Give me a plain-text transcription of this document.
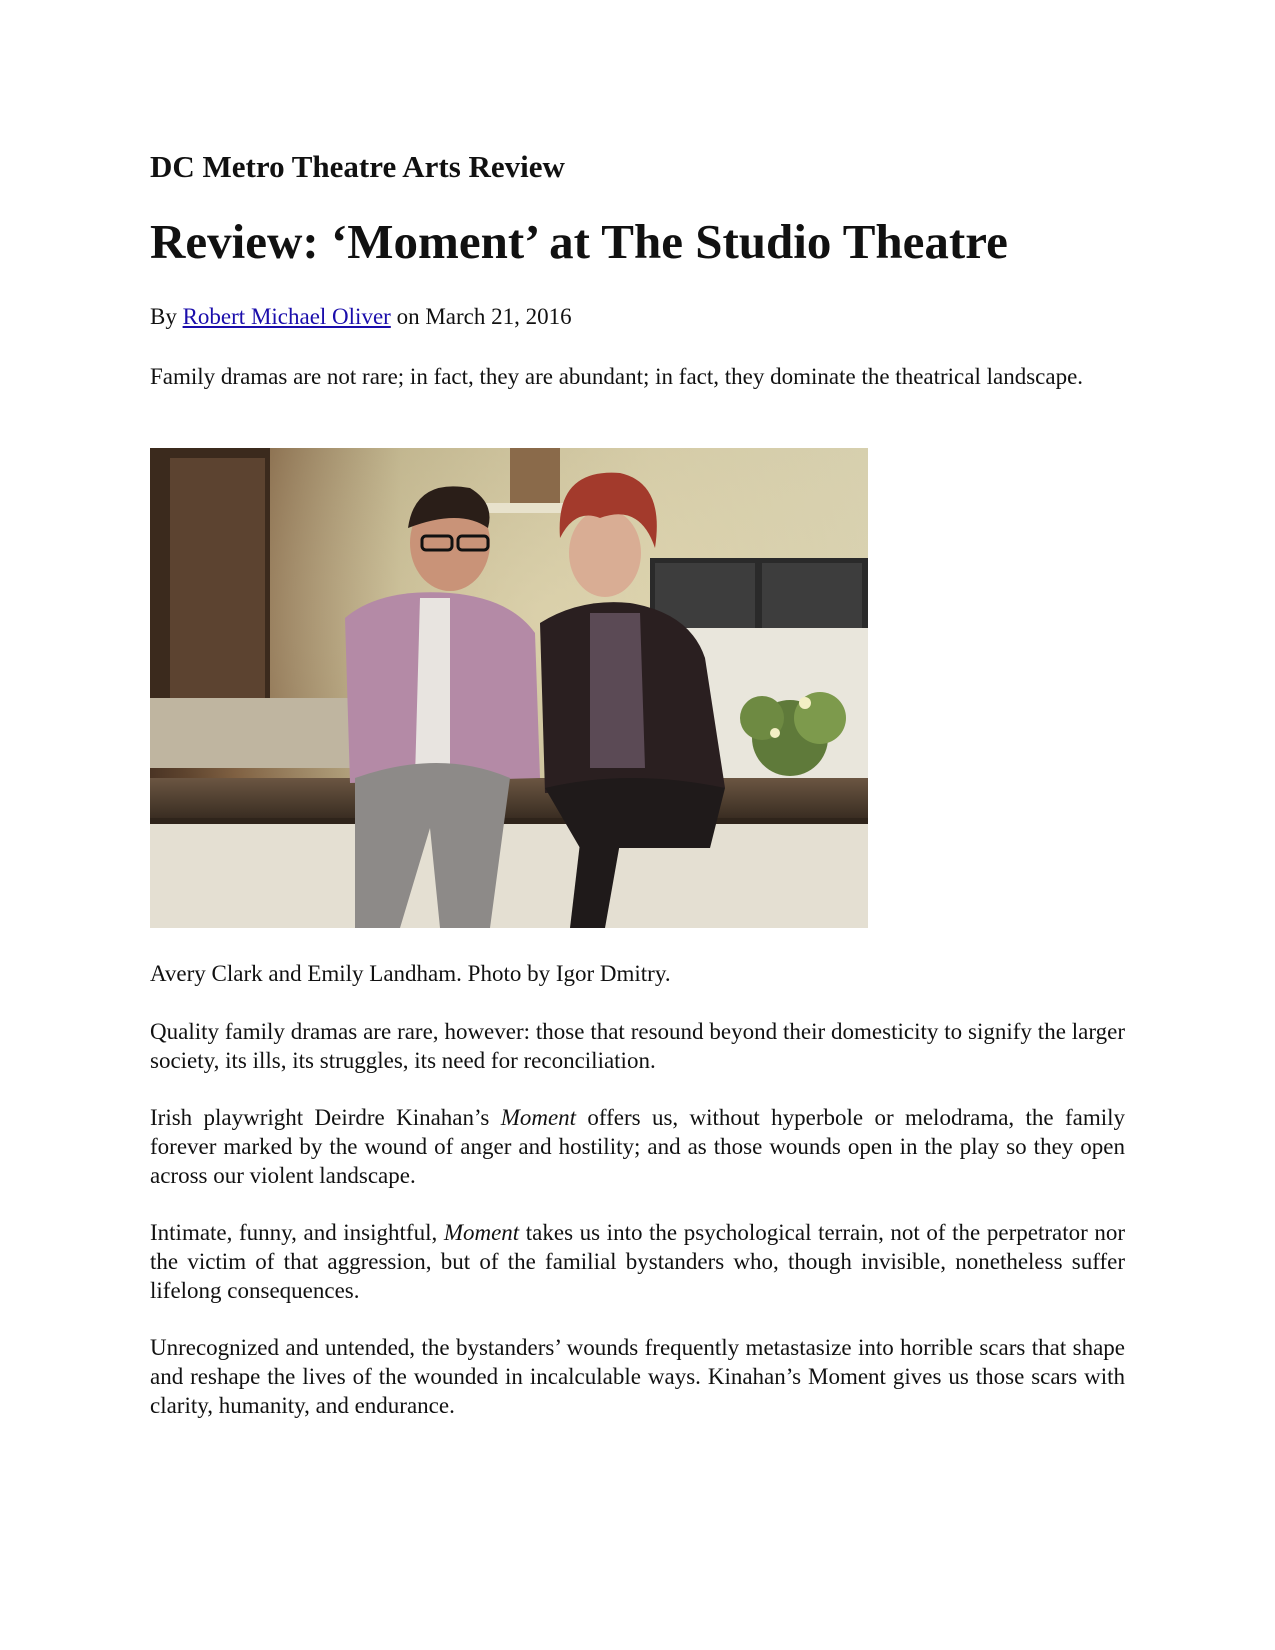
DC Metro Theatre Arts Review
Review: ‘Moment’ at The Studio Theatre

By Robert Michael Oliver on March 21, 2016

Family dramas are not rare; in fact, they are abundant; in fact, they dominate the theatrical landscape.

Avery Clark and Emily Landham. Photo by Igor Dmitry.

Quality family dramas are rare, however: those that resound beyond their domesticity to signify the larger society, its ills, its struggles, its need for reconciliation.

Irish playwright Deirdre Kinahan’s Moment offers us, without hyperbole or melodrama, the family forever marked by the wound of anger and hostility; and as those wounds open in the play so they open across our violent landscape.

Intimate, funny, and insightful, Moment takes us into the psychological terrain, not of the perpetrator nor the victim of that aggression, but of the familial bystanders who, though invisible, nonetheless suffer lifelong consequences.

Unrecognized and untended, the bystanders’ wounds frequently metastasize into horrible scars that shape and reshape the lives of the wounded in incalculable ways. Kinahan’s Moment gives us those scars with clarity, humanity, and endurance.
